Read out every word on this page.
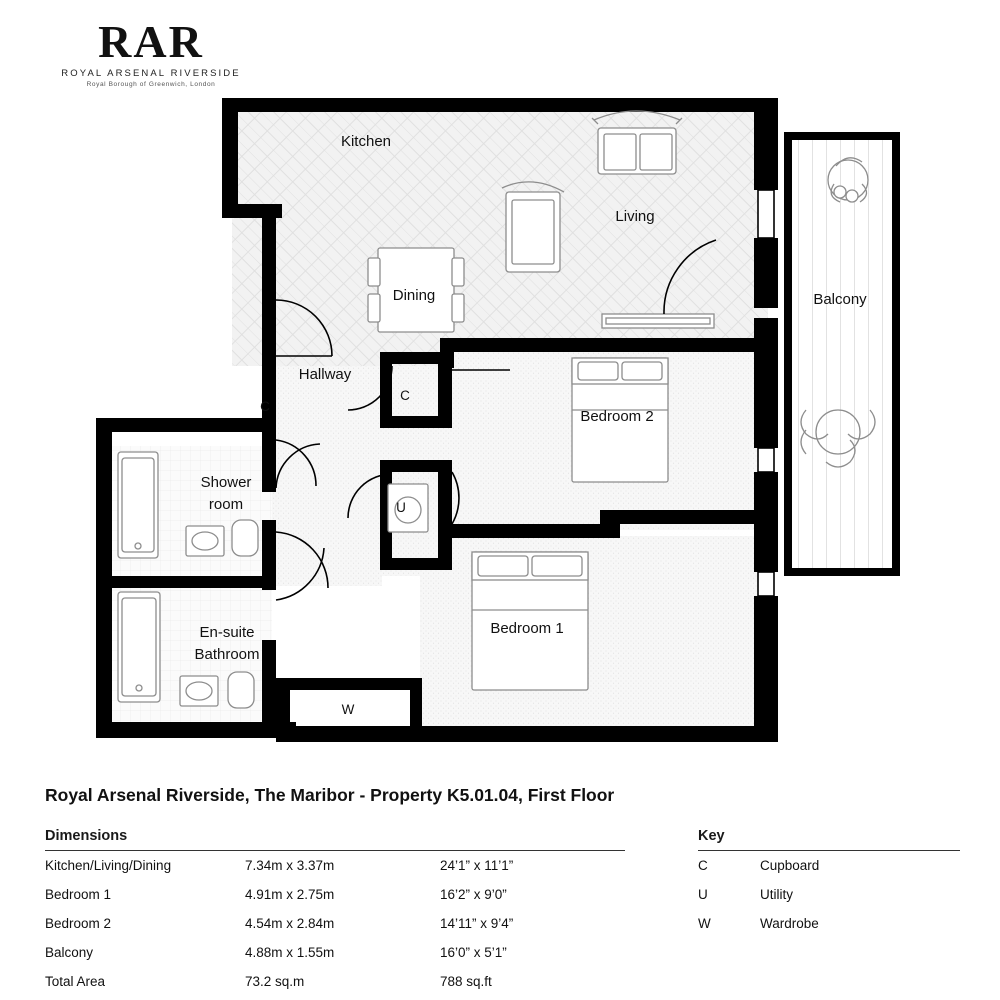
RAR
ROYAL ARSENAL RIVERSIDE
Royal Borough of Greenwich, London
Kitchen
Living
Dining	Balcony
Hallway
Bedroom 2
Bedroom 1
Shower
room
En-suite
Bathroom
C
C
U
W
Royal Arsenal Riverside, The Maribor - Property K5.01.04, First Floor
Dimensions
Kitchen/Living/Dining	7.34m x 3.37m	24’1” x 11’1”
Bedroom 1	4.91m x 2.75m	16’2” x 9’0”
Bedroom 2	4.54m x 2.84m	14’11” x 9’4”
Balcony	4.88m x 1.55m	16’0” x 5’1”
Total Area	73.2 sq.m	788 sq.ft
Key
C	Cupboard
U	Utility
W	Wardrobe
